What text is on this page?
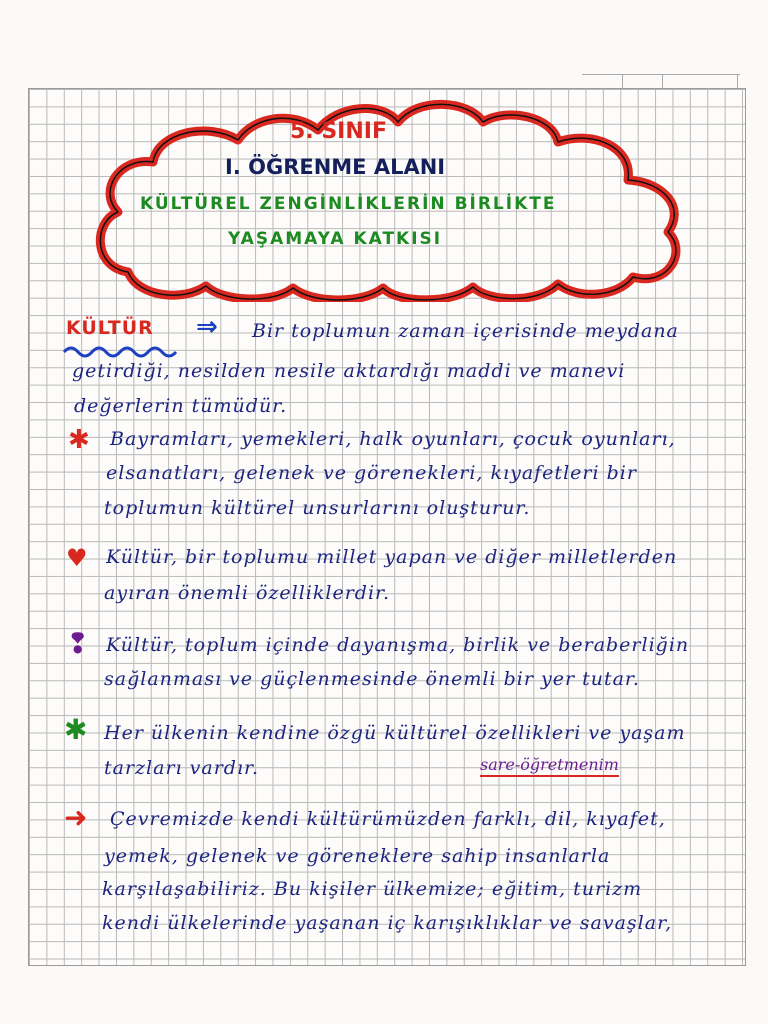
5. SINIF
I. ÖĞRENME ALANI
KÜLTÜREL ZENGİNLİKLERİN BİRLİKTE
YAŞAMAYA KATKISI
KÜLTÜR ⇒ Bir toplumun zaman içerisinde meydana
getirdiği, nesilden nesile aktardığı maddi ve manevi
değerlerin tümüdür.
✱ Bayramları, yemekleri, halk oyunları, çocuk oyunları,
elsanatları, gelenek ve görenekleri, kıyafetleri bir
toplumun kültürel unsurlarını oluşturur.
♥ Kültür, bir toplumu millet yapan ve diğer milletlerden
ayıran önemli özelliklerdir.
❢ Kültür, toplum içinde dayanışma, birlik ve beraberliğin
sağlanması ve güçlenmesinde önemli bir yer tutar.
✱ Her ülkenin kendine özgü kültürel özellikleri ve yaşam
tarzları vardır.	sare-öğretmenim
➜ Çevremizde kendi kültürümüzden farklı, dil, kıyafet,
yemek, gelenek ve göreneklere sahip insanlarla
karşılaşabiliriz. Bu kişiler ülkemize; eğitim, turizm
kendi ülkelerinde yaşanan iç karışıklıklar ve savaşlar,
